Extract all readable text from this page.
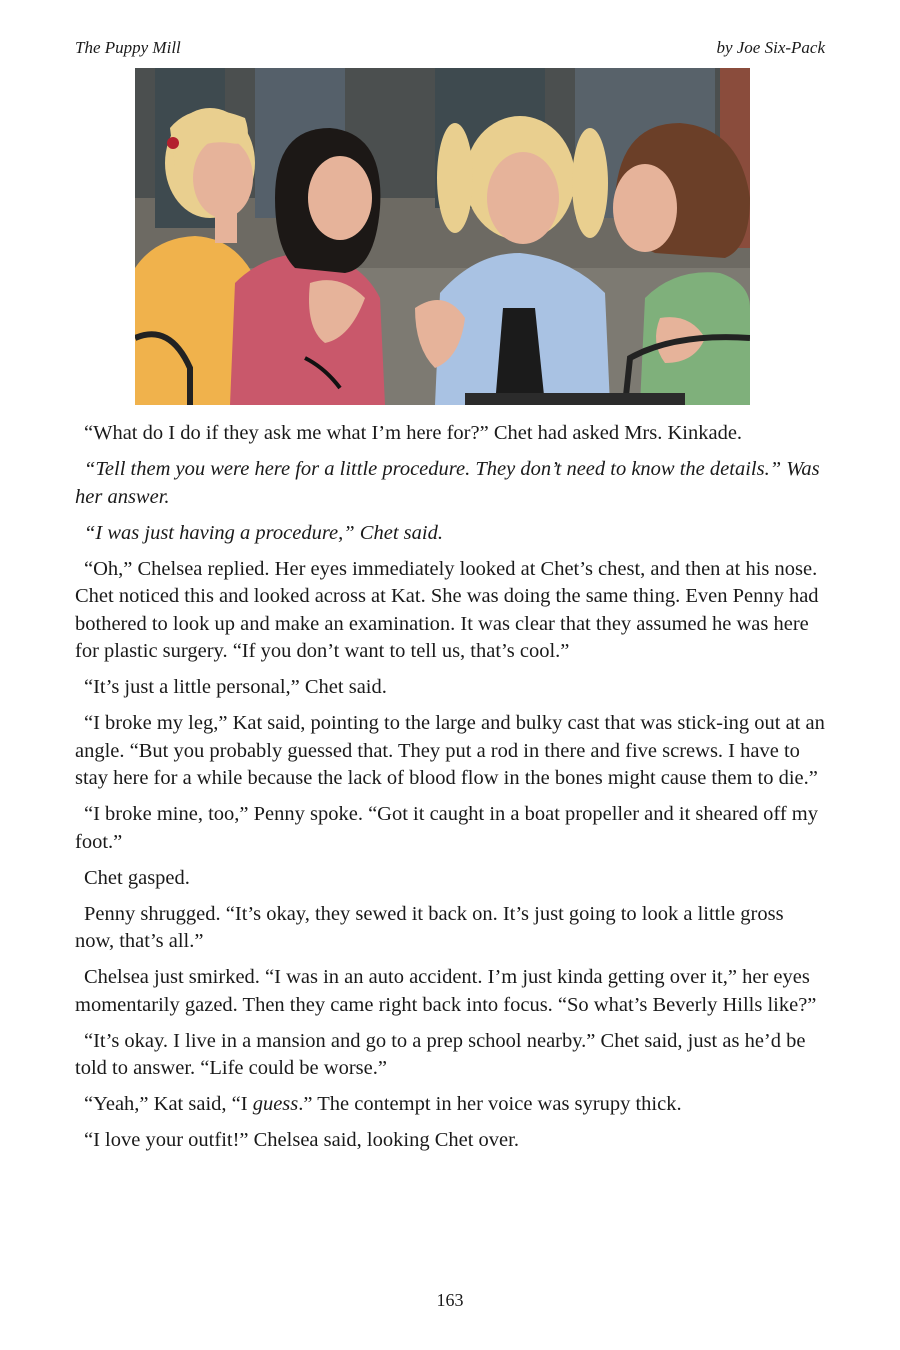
The Puppy Mill	by Joe Six-Pack

“What do I do if they ask me what I’m here for?” Chet had asked Mrs. Kinkade.

“Tell them you were here for a little procedure. They don’t need to know the details.” Was her answer.

“I was just having a procedure,” Chet said.

“Oh,” Chelsea replied. Her eyes immediately looked at Chet’s chest, and then at his nose. Chet noticed this and looked across at Kat. She was doing the same thing. Even Penny had bothered to look up and make an examination. It was clear that they assumed he was here for plastic surgery. “If you don’t want to tell us, that’s cool.”

“It’s just a little personal,” Chet said.

“I broke my leg,” Kat said, pointing to the large and bulky cast that was stick-ing out at an angle. “But you probably guessed that. They put a rod in there and five screws. I have to stay here for a while because the lack of blood flow in the bones might cause them to die.”

“I broke mine, too,” Penny spoke. “Got it caught in a boat propeller and it sheared off my foot.”

Chet gasped.

Penny shrugged. “It’s okay, they sewed it back on. It’s just going to look a little gross now, that’s all.”

Chelsea just smirked. “I was in an auto accident. I’m just kinda getting over it,” her eyes momentarily gazed. Then they came right back into focus. “So what’s Beverly Hills like?”

“It’s okay. I live in a mansion and go to a prep school nearby.” Chet said, just as he’d be told to answer. “Life could be worse.”

“Yeah,” Kat said, “I guess.” The contempt in her voice was syrupy thick.

“I love your outfit!” Chelsea said, looking Chet over.

163
